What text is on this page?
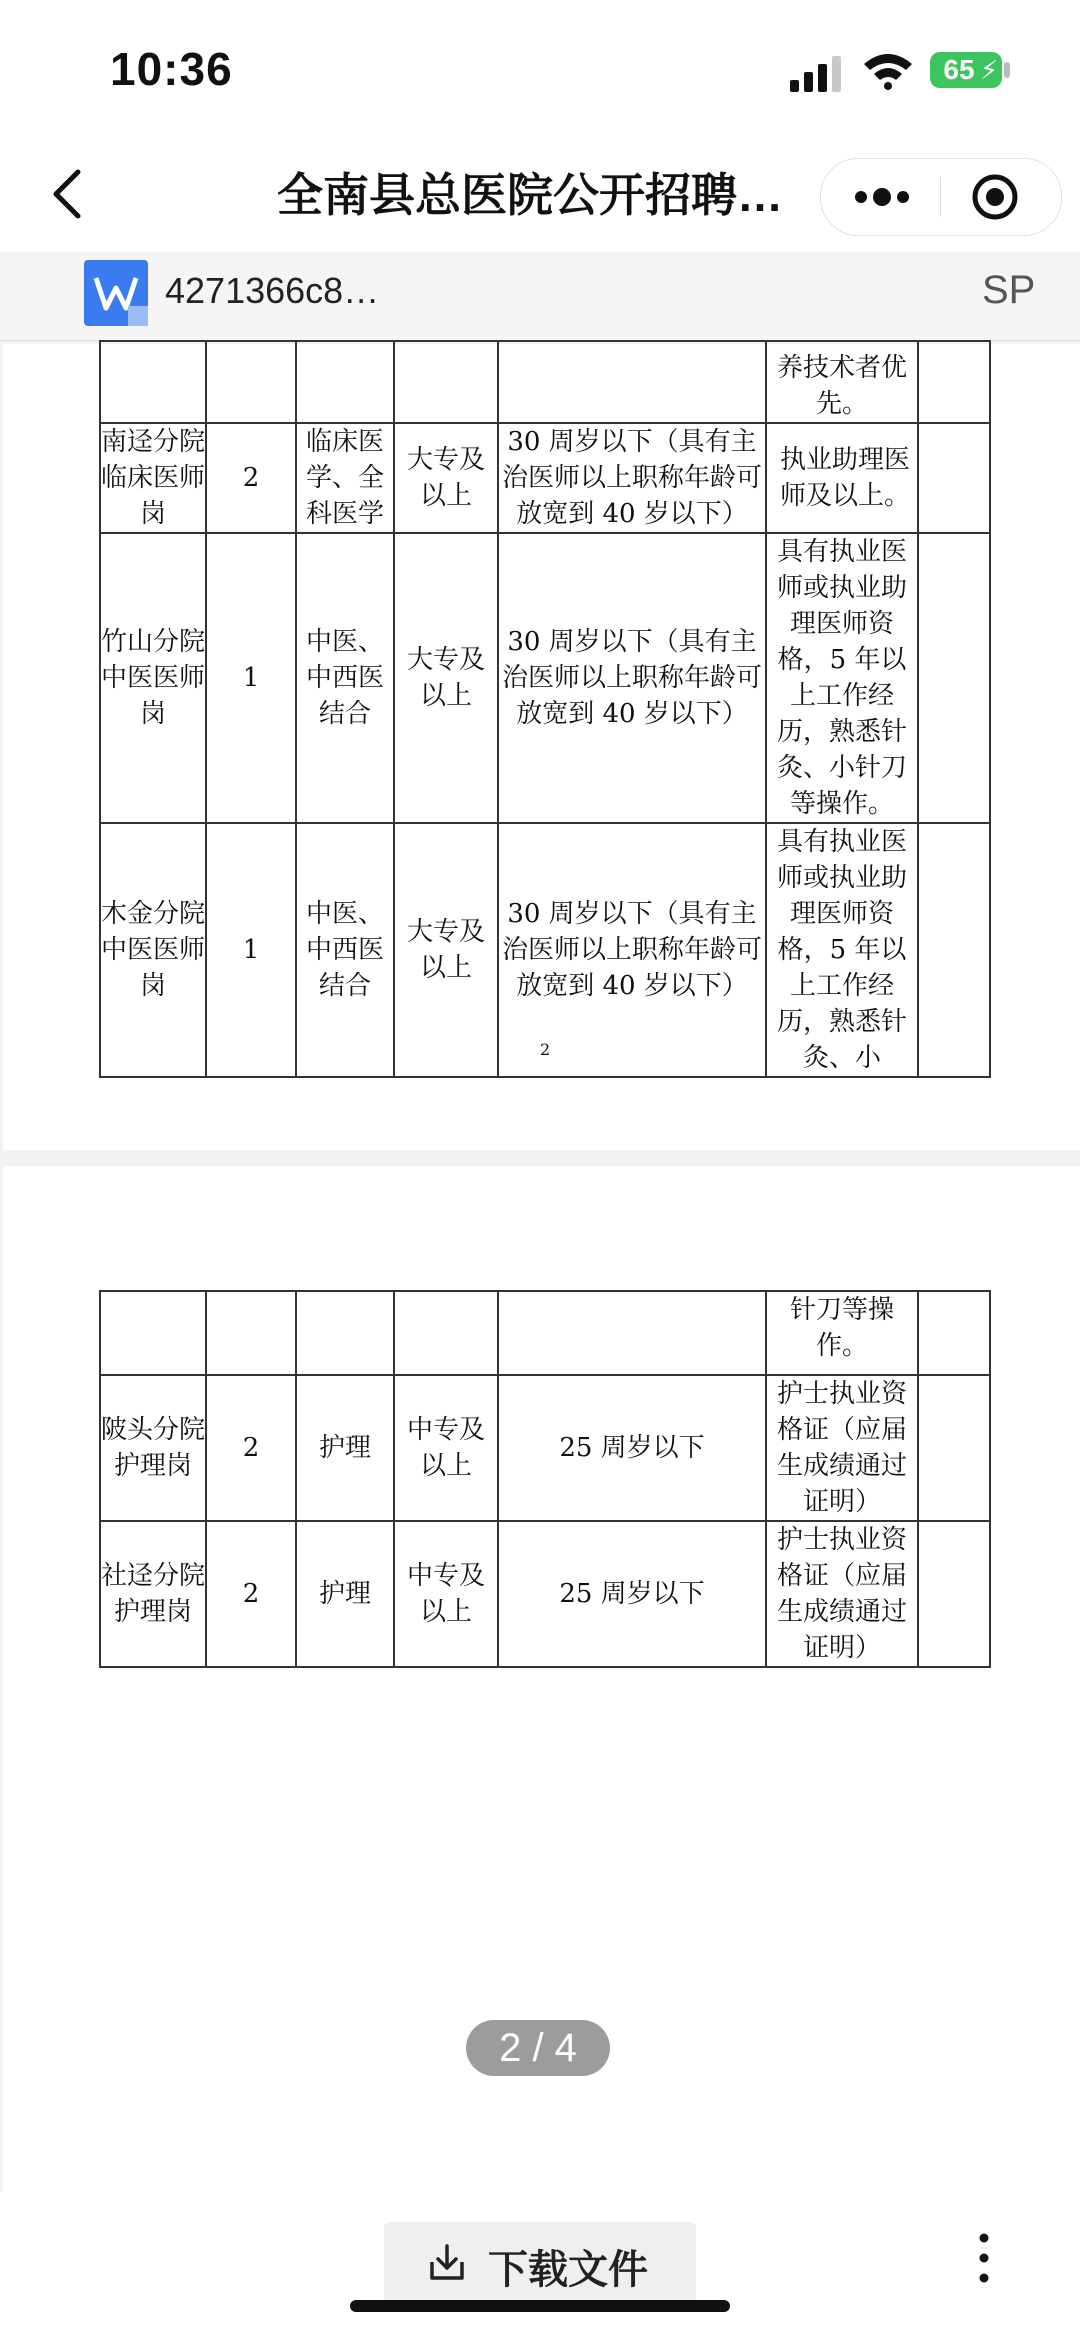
10:36	65 ⚡
全南县总医院公开招聘…
4271366c8…	SP
					养技术者优先。	
南迳分院临床医师岗	2	临床医学、全科医学	大专及以上	30 周岁以下（具有主治医师以上职称年龄可放宽到 40 岁以下）	执业助理医师及以上。	
竹山分院中医医师岗	1	中医、中西医结合	大专及以上	30 周岁以下（具有主治医师以上职称年龄可放宽到 40 岁以下）	具有执业医师或执业助理医师资格，5 年以上工作经历，熟悉针灸、小针刀等操作。	
木金分院中医医师岗	1	中医、中西医结合	大专及以上	30 周岁以下（具有主治医师以上职称年龄可放宽到 40 岁以下）	具有执业医师或执业助理医师资格，5 年以上工作经历，熟悉针灸、小	
2
					针刀等操作。	
陂头分院护理岗	2	护理	中专及以上	25 周岁以下	护士执业资格证（应届生成绩通过证明）	
社迳分院护理岗	2	护理	中专及以上	25 周岁以下	护士执业资格证（应届生成绩通过证明）	
2 / 4
下载文件
